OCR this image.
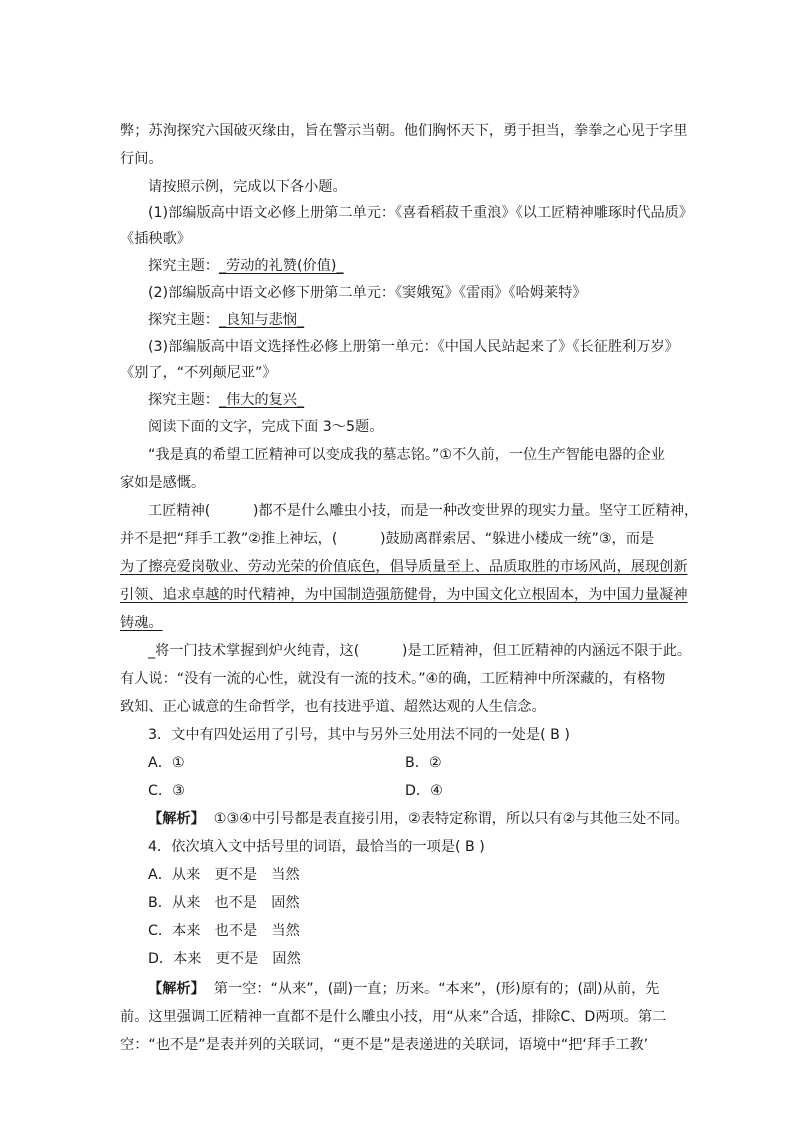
弊；苏洵探究六国破灭缘由，旨在警示当朝。他们胸怀天下，勇于担当，拳拳之心见于字里
行间。
请按照示例，完成以下各小题。
(1)部编版高中语文必修上册第二单元：《喜看稻菽千重浪》《以工匠精神雕琢时代品质》
《插秧歌》
探究主题：_劳动的礼赞(价值)_
(2)部编版高中语文必修下册第二单元：《窦娥冤》《雷雨》《哈姆莱特》
探究主题：_良知与悲悯_
(3)部编版高中语文选择性必修上册第一单元：《中国人民站起来了》《长征胜利万岁》
《别了，“不列颠尼亚”》
探究主题：_伟大的复兴_
阅读下面的文字，完成下面 3～5题。
“我是真的希望工匠精神可以变成我的墓志铭。”①不久前，一位生产智能电器的企业
家如是感慨。
工匠精神(　　　)都不是什么雕虫小技，而是一种改变世界的现实力量。坚守工匠精神，
并不是把“拜手工教”②推上神坛，(　　　)鼓励离群索居、“躲进小楼成一统”③，而是
为了擦亮爱岗敬业、劳动光荣的价值底色，倡导质量至上、品质取胜的市场风尚，展现创新
引领、追求卓越的时代精神，为中国制造强筋健骨，为中国文化立根固本，为中国力量凝神
铸魂。
_将一门技术掌握到炉火纯青，这(　　　)是工匠精神，但工匠精神的内涵远不限于此。
有人说：“没有一流的心性，就没有一流的技术。”④的确，工匠精神中所深藏的，有格物
致知、正心诚意的生命哲学，也有技进乎道、超然达观的人生信念。
3．文中有四处运用了引号，其中与另外三处用法不同的一处是( B )
A．①	B．②
C．③	D．④
【解析】 ①③④中引号都是表直接引用，②表特定称谓，所以只有②与其他三处不同。
4．依次填入文中括号里的词语，最恰当的一项是( B )
A．从来　更不是　当然
B．从来　也不是　固然
C．本来　也不是　当然
D．本来　更不是　固然
【解析】 第一空：“从来”，(副)一直；历来。“本来”，(形)原有的；(副)从前，先
前。这里强调工匠精神一直都不是什么雕虫小技，用“从来”合适，排除C、D两项。第二
空：“也不是”是表并列的关联词，“更不是”是表递进的关联词，语境中“把‘拜手工教’
